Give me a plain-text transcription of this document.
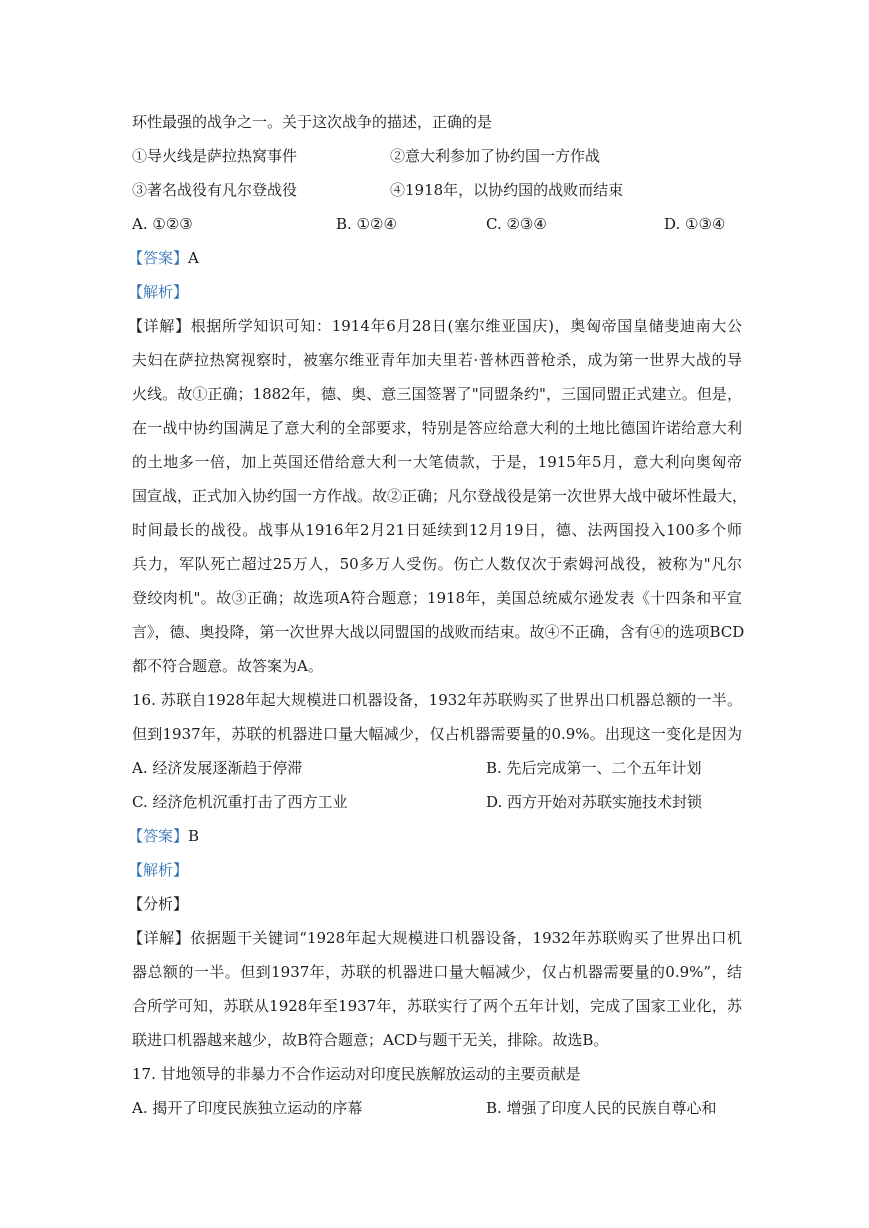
环性最强的战争之一。关于这次战争的描述，正确的是
①导火线是萨拉热窝事件	②意大利参加了协约国一方作战
③著名战役有凡尔登战役	④1918年，以协约国的战败而结束
A. ①②③	B. ①②④	C. ②③④	D. ①③④
【答案】A
【解析】
【详解】根据所学知识可知：1914年6月28日(塞尔维亚国庆)，奥匈帝国皇储斐迪南大公
夫妇在萨拉热窝视察时，被塞尔维亚青年加夫里若·普林西普枪杀，成为第一世界大战的导
火线。故①正确；1882年，德、奥、意三国签署了"同盟条约"，三国同盟正式建立。但是，
在一战中协约国满足了意大利的全部要求，特别是答应给意大利的土地比德国许诺给意大利
的土地多一倍，加上英国还借给意大利一大笔债款，于是，1915年5月，意大利向奥匈帝
国宣战，正式加入协约国一方作战。故②正确；凡尔登战役是第一次世界大战中破坏性最大，
时间最长的战役。战事从1916年2月21日延续到12月19日，德、法两国投入100多个师
兵力，军队死亡超过25万人，50多万人受伤。伤亡人数仅次于索姆河战役，被称为"凡尔
登绞肉机"。故③正确；故选项A符合题意；1918年，美国总统威尔逊发表《十四条和平宣
言》，德、奥投降，第一次世界大战以同盟国的战败而结束。故④不正确，含有④的选项BCD
都不符合题意。故答案为A。
16. 苏联自1928年起大规模进口机器设备，1932年苏联购买了世界出口机器总额的一半。
但到1937年，苏联的机器进口量大幅减少，仅占机器需要量的0.9%。出现这一变化是因为
A. 经济发展逐渐趋于停滞	B. 先后完成第一、二个五年计划
C. 经济危机沉重打击了西方工业	D. 西方开始对苏联实施技术封锁
【答案】B
【解析】
【分析】
【详解】依据题干关键词“1928年起大规模进口机器设备，1932年苏联购买了世界出口机
器总额的一半。但到1937年，苏联的机器进口量大幅减少，仅占机器需要量的0.9%”，结
合所学可知，苏联从1928年至1937年，苏联实行了两个五年计划，完成了国家工业化，苏
联进口机器越来越少，故B符合题意；ACD与题干无关，排除。故选B。
17. 甘地领导的非暴力不合作运动对印度民族解放运动的主要贡献是
A. 揭开了印度民族独立运动的序幕	B. 增强了印度人民的民族自尊心和
